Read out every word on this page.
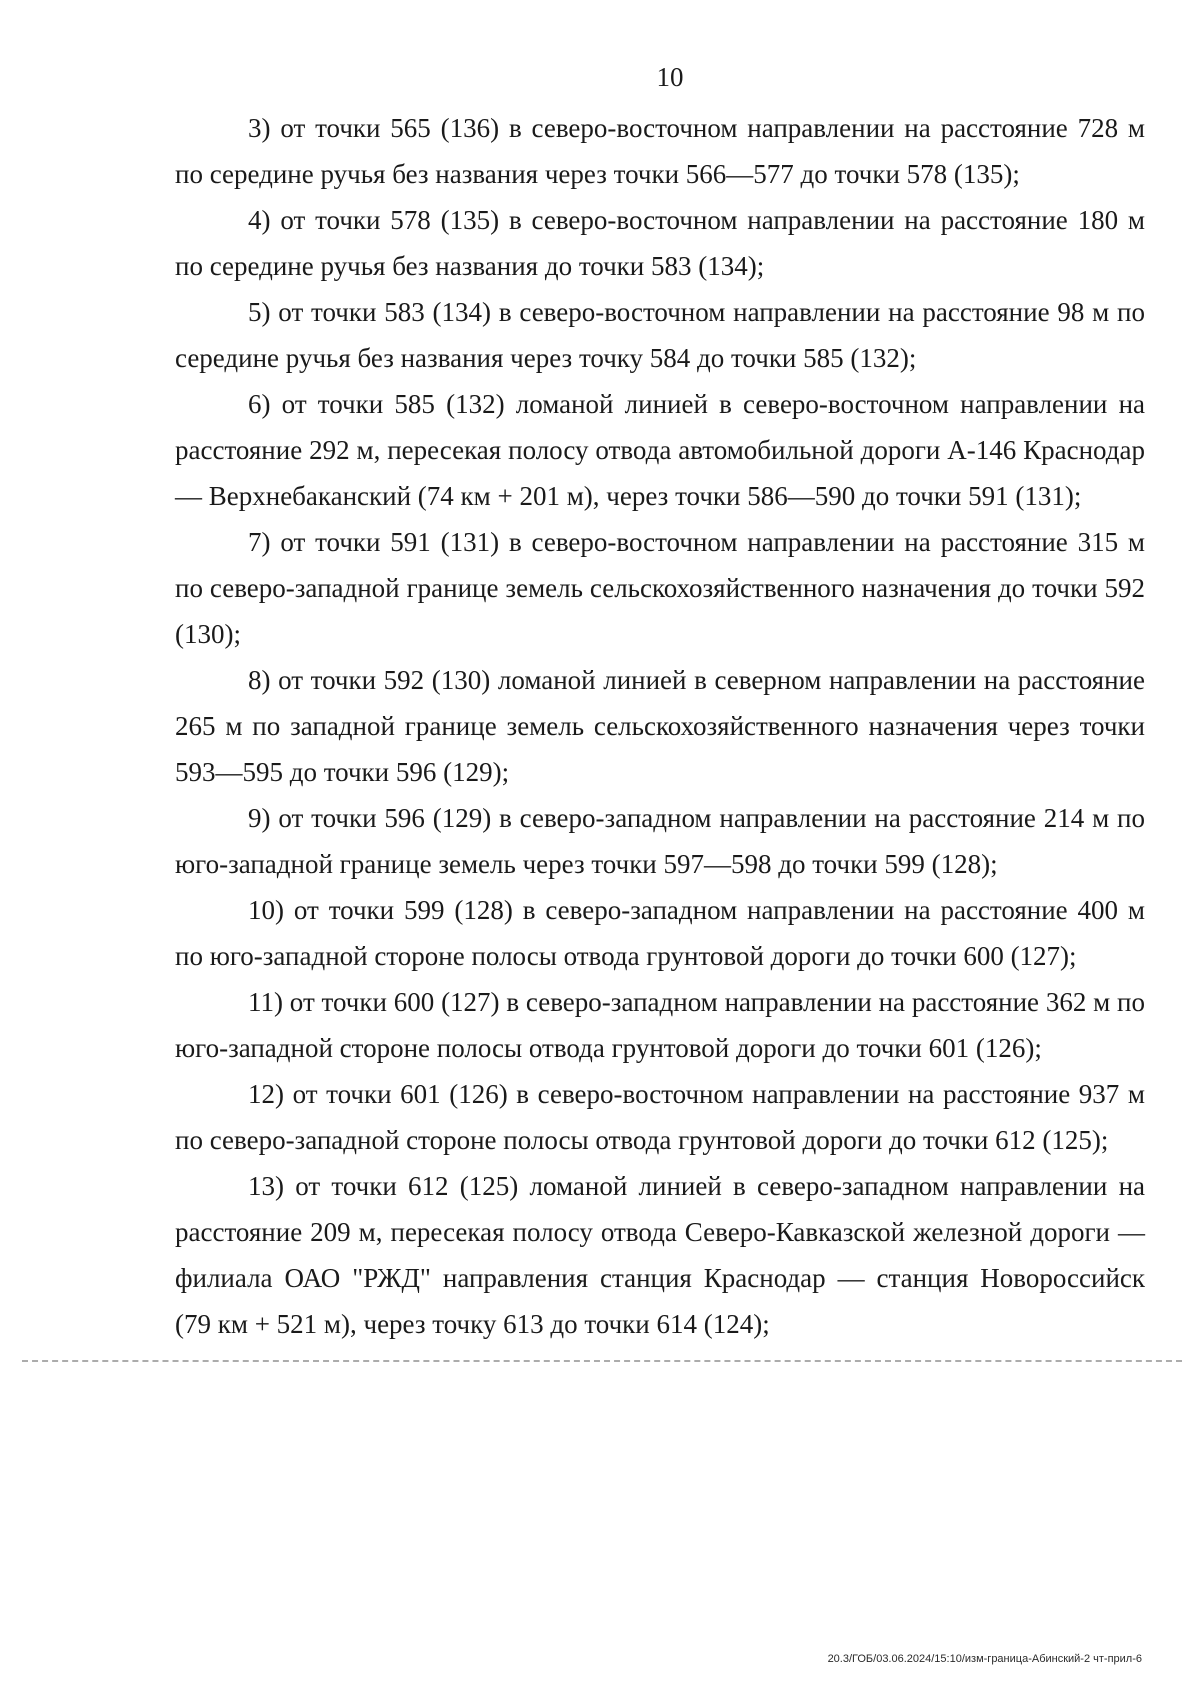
10

3) от точки 565 (136) в северо-восточном направлении на расстояние 728 м по середине ручья без названия через точки 566—577 до точки 578 (135);

4) от точки 578 (135) в северо-восточном направлении на расстояние 180 м по середине ручья без названия до точки 583 (134);

5) от точки 583 (134) в северо-восточном направлении на расстояние 98 м по середине ручья без названия через точку 584 до точки 585 (132);

6) от точки 585 (132) ломаной линией в северо-восточном направлении на расстояние 292 м, пересекая полосу отвода автомобильной дороги А-146 Краснодар — Верхнебаканский (74 км + 201 м), через точки 586—590 до точки 591 (131);

7) от точки 591 (131) в северо-восточном направлении на расстояние 315 м по северо-западной границе земель сельскохозяйственного назначения до точки 592 (130);

8) от точки 592 (130) ломаной линией в северном направлении на расстояние 265 м по западной границе земель сельскохозяйственного назначения через точки 593—595 до точки 596 (129);

9) от точки 596 (129) в северо-западном направлении на расстояние 214 м по юго-западной границе земель через точки 597—598 до точки 599 (128);

10) от точки 599 (128) в северо-западном направлении на расстояние 400 м по юго-западной стороне полосы отвода грунтовой дороги до точки 600 (127);

11) от точки 600 (127) в северо-западном направлении на расстояние 362 м по юго-западной стороне полосы отвода грунтовой дороги до точки 601 (126);

12) от точки 601 (126) в северо-восточном направлении на расстояние 937 м по северо-западной стороне полосы отвода грунтовой дороги до точки 612 (125);

13) от точки 612 (125) ломаной линией в северо-западном направлении на расстояние 209 м, пересекая полосу отвода Северо-Кавказской железной дороги — филиала ОАО "РЖД" направления станция Краснодар — станция Новороссийск (79 км + 521 м), через точку 613 до точки 614 (124);

20.3/ГОБ/03.06.2024/15:10/изм-граница-Абинский-2 чт-прил-6
